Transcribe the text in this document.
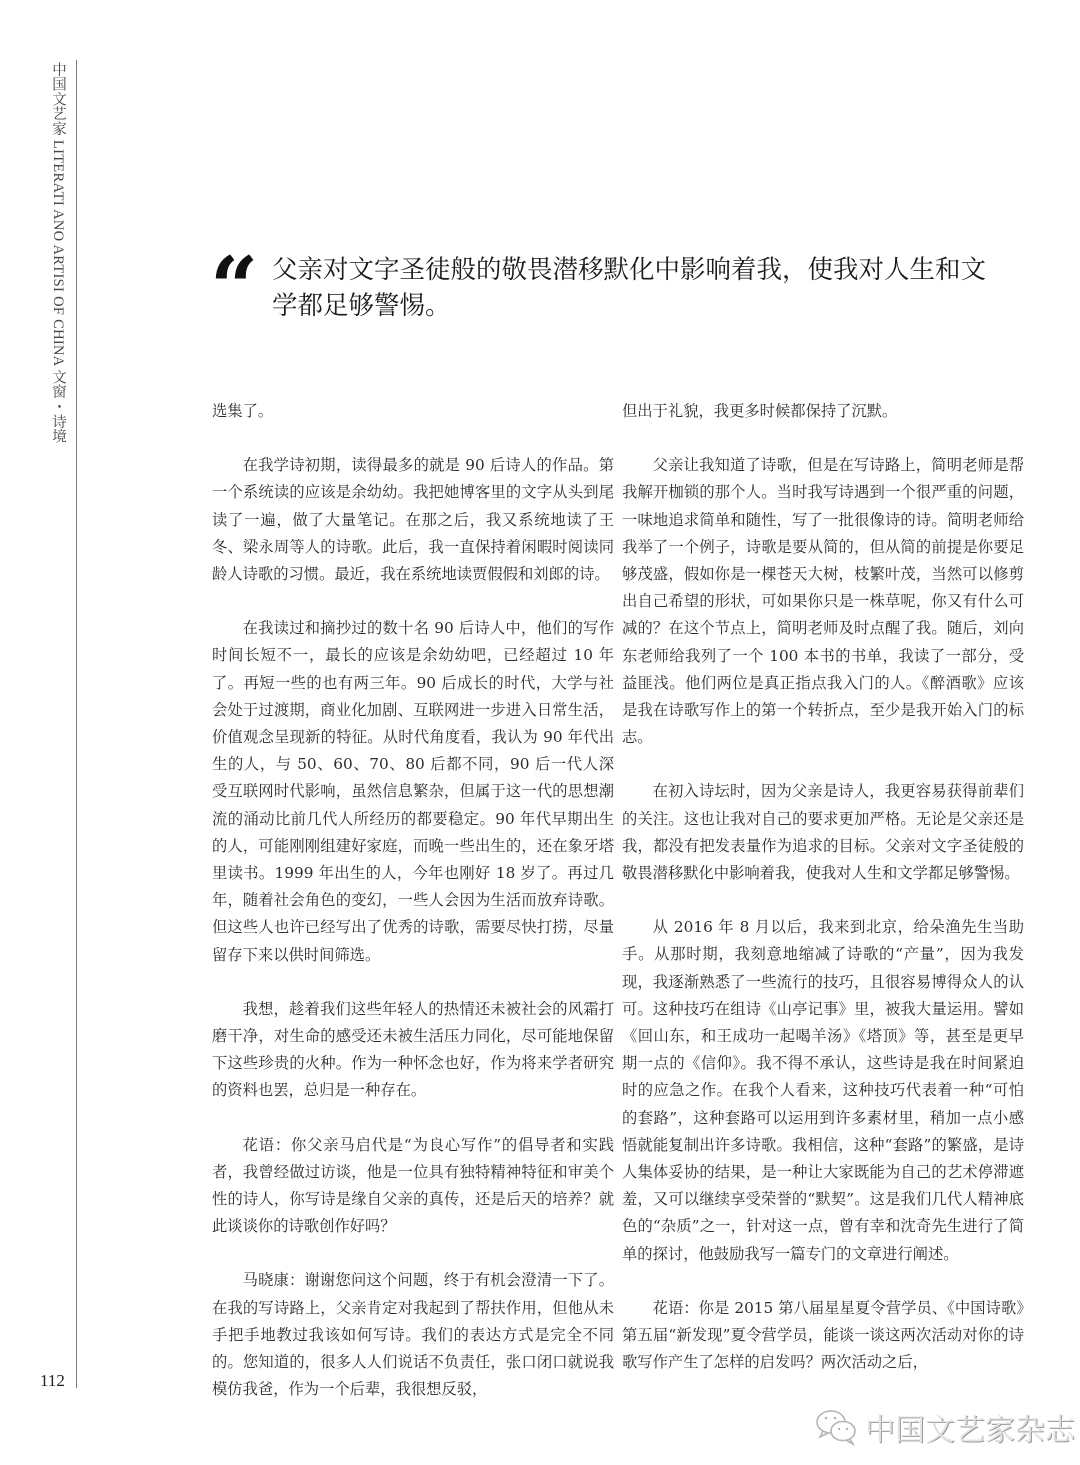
中国文艺家 LITERATI ANO ARTISI OF CHINA 文窗・诗境
112
“ 父亲对文字圣徒般的敬畏潜移默化中影响着我，使我对人生和文学都足够警惕。

选集了。

在我学诗初期，读得最多的就是 90 后诗人的作品。第一个系统读的应该是余幼幼。我把她博客里的文字从头到尾读了一遍，做了大量笔记。在那之后，我又系统地读了王冬、梁永周等人的诗歌。此后，我一直保持着闲暇时阅读同龄人诗歌的习惯。最近，我在系统地读贾假假和刘郎的诗。

在我读过和摘抄过的数十名 90 后诗人中，他们的写作时间长短不一，最长的应该是余幼幼吧，已经超过 10 年了。再短一些的也有两三年。90 后成长的时代，大学与社会处于过渡期，商业化加剧、互联网进一步进入日常生活，价值观念呈现新的特征。从时代角度看，我认为 90 年代出生的人，与 50、60、70、80 后都不同，90 后一代人深受互联网时代影响，虽然信息繁杂，但属于这一代的思想潮流的涌动比前几代人所经历的都要稳定。90 年代早期出生的人，可能刚刚组建好家庭，而晚一些出生的，还在象牙塔里读书。1999 年出生的人，今年也刚好 18 岁了。再过几年，随着社会角色的变幻，一些人会因为生活而放弃诗歌。但这些人也许已经写出了优秀的诗歌，需要尽快打捞，尽量留存下来以供时间筛选。

我想，趁着我们这些年轻人的热情还未被社会的风霜打磨干净，对生命的感受还未被生活压力同化，尽可能地保留下这些珍贵的火种。作为一种怀念也好，作为将来学者研究的资料也罢，总归是一种存在。

花语：你父亲马启代是“为良心写作”的倡导者和实践者，我曾经做过访谈，他是一位具有独特精神特征和审美个性的诗人，你写诗是缘自父亲的真传，还是后天的培养？就此谈谈你的诗歌创作好吗？

马晓康：谢谢您问这个问题，终于有机会澄清一下了。在我的写诗路上，父亲肯定对我起到了帮扶作用，但他从未手把手地教过我该如何写诗。我们的表达方式是完全不同的。您知道的，很多人人们说话不负责任，张口闭口就说我模仿我爸，作为一个后辈，我很想反驳，

但出于礼貌，我更多时候都保持了沉默。

父亲让我知道了诗歌，但是在写诗路上，简明老师是帮我解开枷锁的那个人。当时我写诗遇到一个很严重的问题，一味地追求简单和随性，写了一批很像诗的诗。简明老师给我举了一个例子，诗歌是要从简的，但从简的前提是你要足够茂盛，假如你是一棵苍天大树，枝繁叶茂，当然可以修剪出自己希望的形状，可如果你只是一株草呢，你又有什么可减的？在这个节点上，简明老师及时点醒了我。随后，刘向东老师给我列了一个 100 本书的书单，我读了一部分，受益匪浅。他们两位是真正指点我入门的人。《醉酒歌》应该是我在诗歌写作上的第一个转折点，至少是我开始入门的标志。

在初入诗坛时，因为父亲是诗人，我更容易获得前辈们的关注。这也让我对自己的要求更加严格。无论是父亲还是我，都没有把发表量作为追求的目标。父亲对文字圣徒般的敬畏潜移默化中影响着我，使我对人生和文学都足够警惕。

从 2016 年 8 月以后，我来到北京，给朵渔先生当助手。从那时期，我刻意地缩减了诗歌的“产量”，因为我发现，我逐渐熟悉了一些流行的技巧，且很容易博得众人的认可。这种技巧在组诗《山亭记事》里，被我大量运用。譬如《回山东，和王成功一起喝羊汤》《塔顶》等，甚至是更早期一点的《信仰》。我不得不承认，这些诗是我在时间紧迫时的应急之作。在我个人看来，这种技巧代表着一种“可怕的套路”，这种套路可以运用到许多素材里，稍加一点小感悟就能复制出许多诗歌。我相信，这种“套路”的繁盛，是诗人集体妥协的结果，是一种让大家既能为自己的艺术停滞遮羞，又可以继续享受荣誉的“默契”。这是我们几代人精神底色的“杂质”之一，针对这一点，曾有幸和沈奇先生进行了简单的探讨，他鼓励我写一篇专门的文章进行阐述。

花语：你是 2015 第八届星星夏令营学员、《中国诗歌》第五届“新发现”夏令营学员，能谈一谈这两次活动对你的诗歌写作产生了怎样的启发吗？两次活动之后，

中国文艺家杂志
